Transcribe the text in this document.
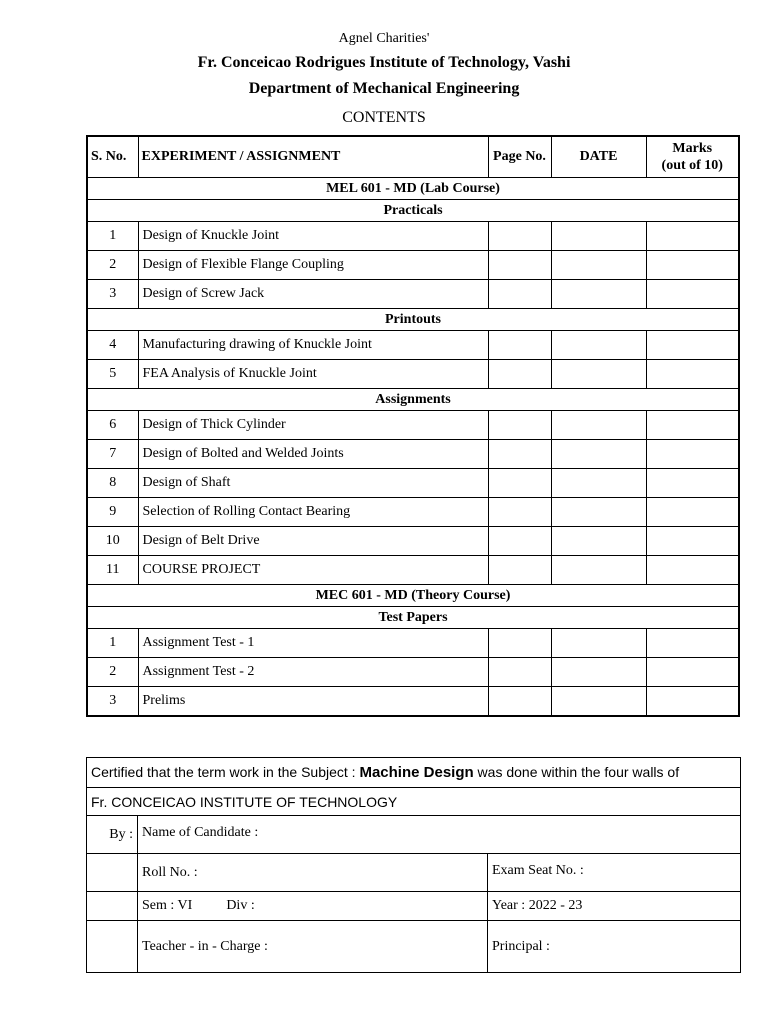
Agnel Charities'
Fr. Conceicao Rodrigues Institute of Technology, Vashi
Department of Mechanical Engineering
CONTENTS
S. No.	EXPERIMENT / ASSIGNMENT	Page No.	DATE	Marks
(out of 10)
MEL 601 - MD (Lab Course)				
Practicals				
1	Design of Knuckle Joint			
2	Design of Flexible Flange Coupling			
3	Design of Screw Jack			
Printouts				
4	Manufacturing drawing of Knuckle Joint			
5	FEA Analysis of Knuckle Joint			
Assignments				
6	Design of Thick Cylinder			
7	Design of Bolted and Welded Joints			
8	Design of Shaft			
9	Selection of Rolling Contact Bearing			
10	Design of Belt Drive			
11	COURSE PROJECT			
MEC 601 - MD (Theory Course)				
Test Papers				
1	Assignment Test - 1			
2	Assignment Test - 2			
3	Prelims			
Certified that the term work in the Subject : Machine Design was done within the four walls of		
Fr. CONCEICAO INSTITUTE OF TECHNOLOGY		
By :	Name of Candidate :	
	Roll No. :	Exam Seat No. :
	Sem : VI Div :	Year : 2022 - 23
	Teacher - in - Charge :	Principal :
